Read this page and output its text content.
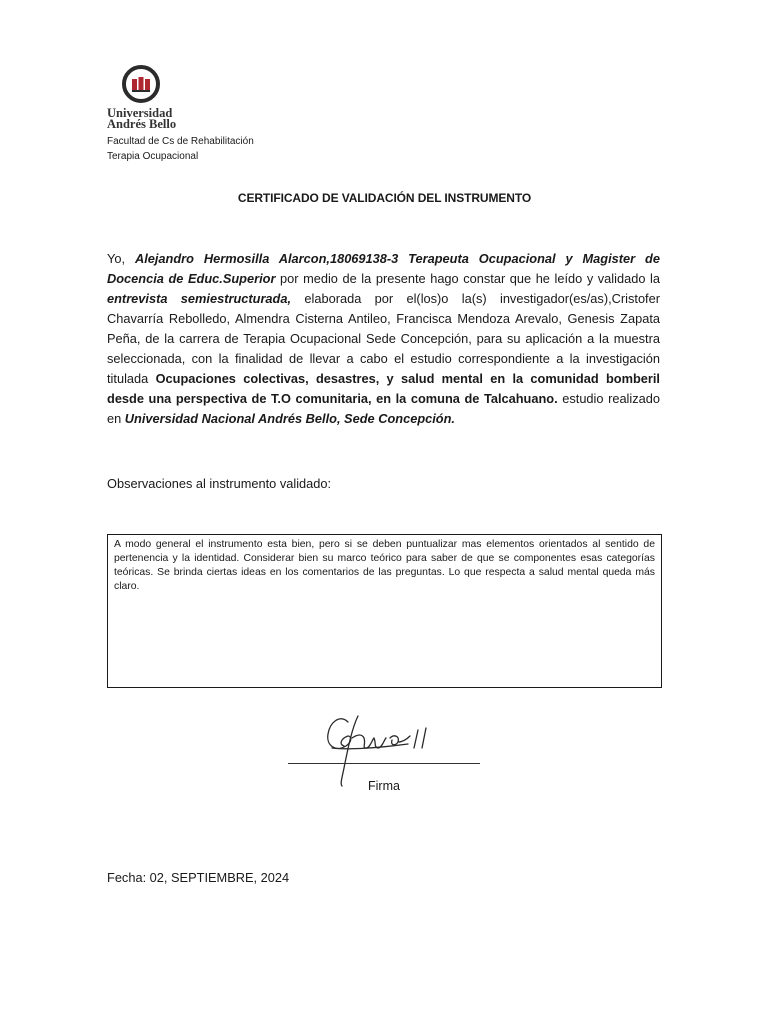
Universidad
Andrés Bello
Facultad de Cs de Rehabilitación
Terapia Ocupacional
CERTIFICADO DE VALIDACIÓN DEL INSTRUMENTO
Yo, Alejandro Hermosilla Alarcon,18069138-3 Terapeuta Ocupacional y Magister de Docencia de Educ.Superior por medio de la presente hago constar que he leído y validado la entrevista semiestructurada, elaborada por el(los)o la(s) investigador(es/as),Cristofer Chavarría Rebolledo, Almendra Cisterna Antileo, Francisca Mendoza Arevalo, Genesis Zapata Peña, de la carrera de Terapia Ocupacional Sede Concepción, para su aplicación a la muestra seleccionada, con la finalidad de llevar a cabo el estudio correspondiente a la investigación titulada Ocupaciones colectivas, desastres, y salud mental en la comunidad bomberil desde una perspectiva de T.O comunitaria, en la comuna de Talcahuano. estudio realizado en Universidad Nacional Andrés Bello, Sede Concepción.
Observaciones al instrumento validado:
A modo general el instrumento esta bien, pero si se deben puntualizar mas elementos orientados al sentido de pertenencia y la identidad. Considerar bien su marco teórico para saber de que se componentes esas categorías teóricas. Se brinda ciertas ideas en los comentarios de las preguntas. Lo que respecta a salud mental queda más claro.
Firma
Fecha: 02, SEPTIEMBRE, 2024
